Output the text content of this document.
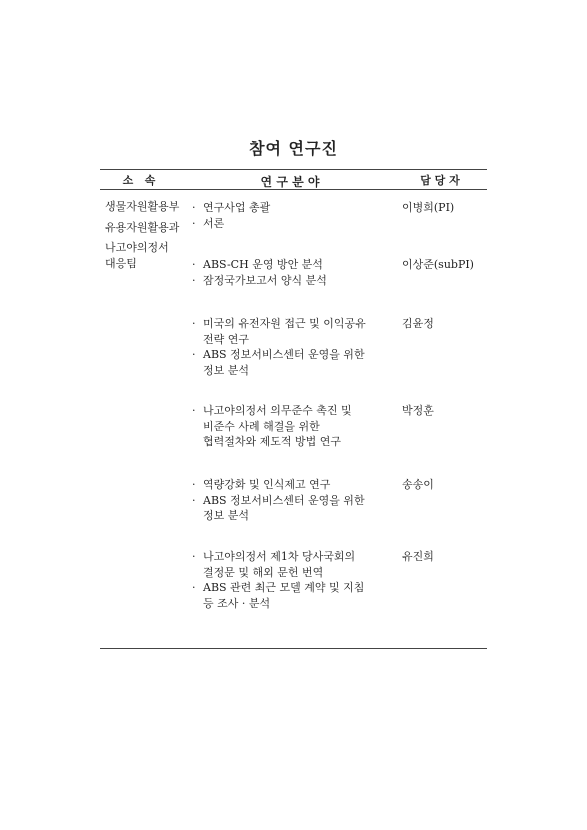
참여 연구진
소   속	연 구 분 야	담 당 자
생물자원활용부
유용자원활용과
나고야의정서
대응팀
· 연구사업 총괄
· 서론
이병희(PI)
· ABS-CH 운영 방안 분석
· 잠정국가보고서 양식 분석
이상준(subPI)
· 미국의 유전자원 접근 및 이익공유
전략 연구
· ABS 정보서비스센터 운영을 위한
정보 분석
김윤정
· 나고야의정서 의무준수 촉진 및
비준수 사례 해결을 위한
협력절차와 제도적 방법 연구
박정훈
· 역량강화 및 인식제고 연구
· ABS 정보서비스센터 운영을 위한
정보 분석
송송이
· 나고야의정서 제1차 당사국회의
결정문 및 해외 문헌 번역
· ABS 관련 최근 모델 계약 및 지침
등 조사 · 분석
유진희
